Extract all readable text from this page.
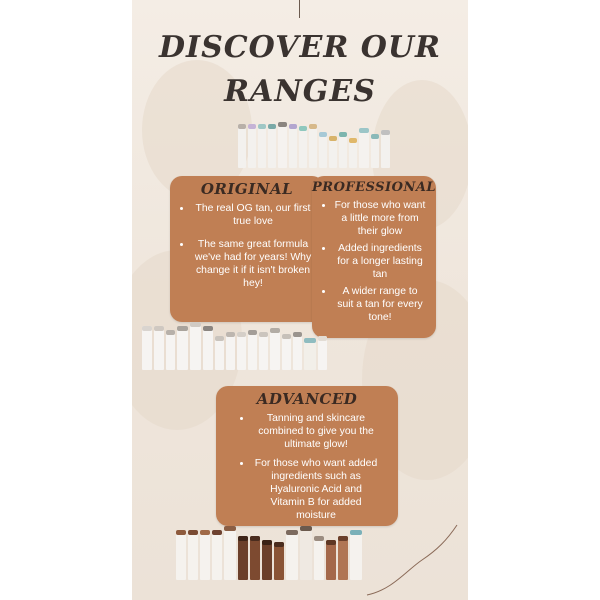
DISCOVER OUR
RANGES
ORIGINAL
• The real OG tan, our first true love
• The same great formula we've had for years! Why change it if it isn't broken hey!
PROFESSIONAL
• For those who want a little more from their glow
• Added ingredients for a longer lasting tan
• A wider range to suit a tan for every tone!
ADVANCED
• Tanning and skincare combined to give you the ultimate glow!
• For those who want added ingredients such as Hyaluronic Acid and Vitamin B for added moisture
